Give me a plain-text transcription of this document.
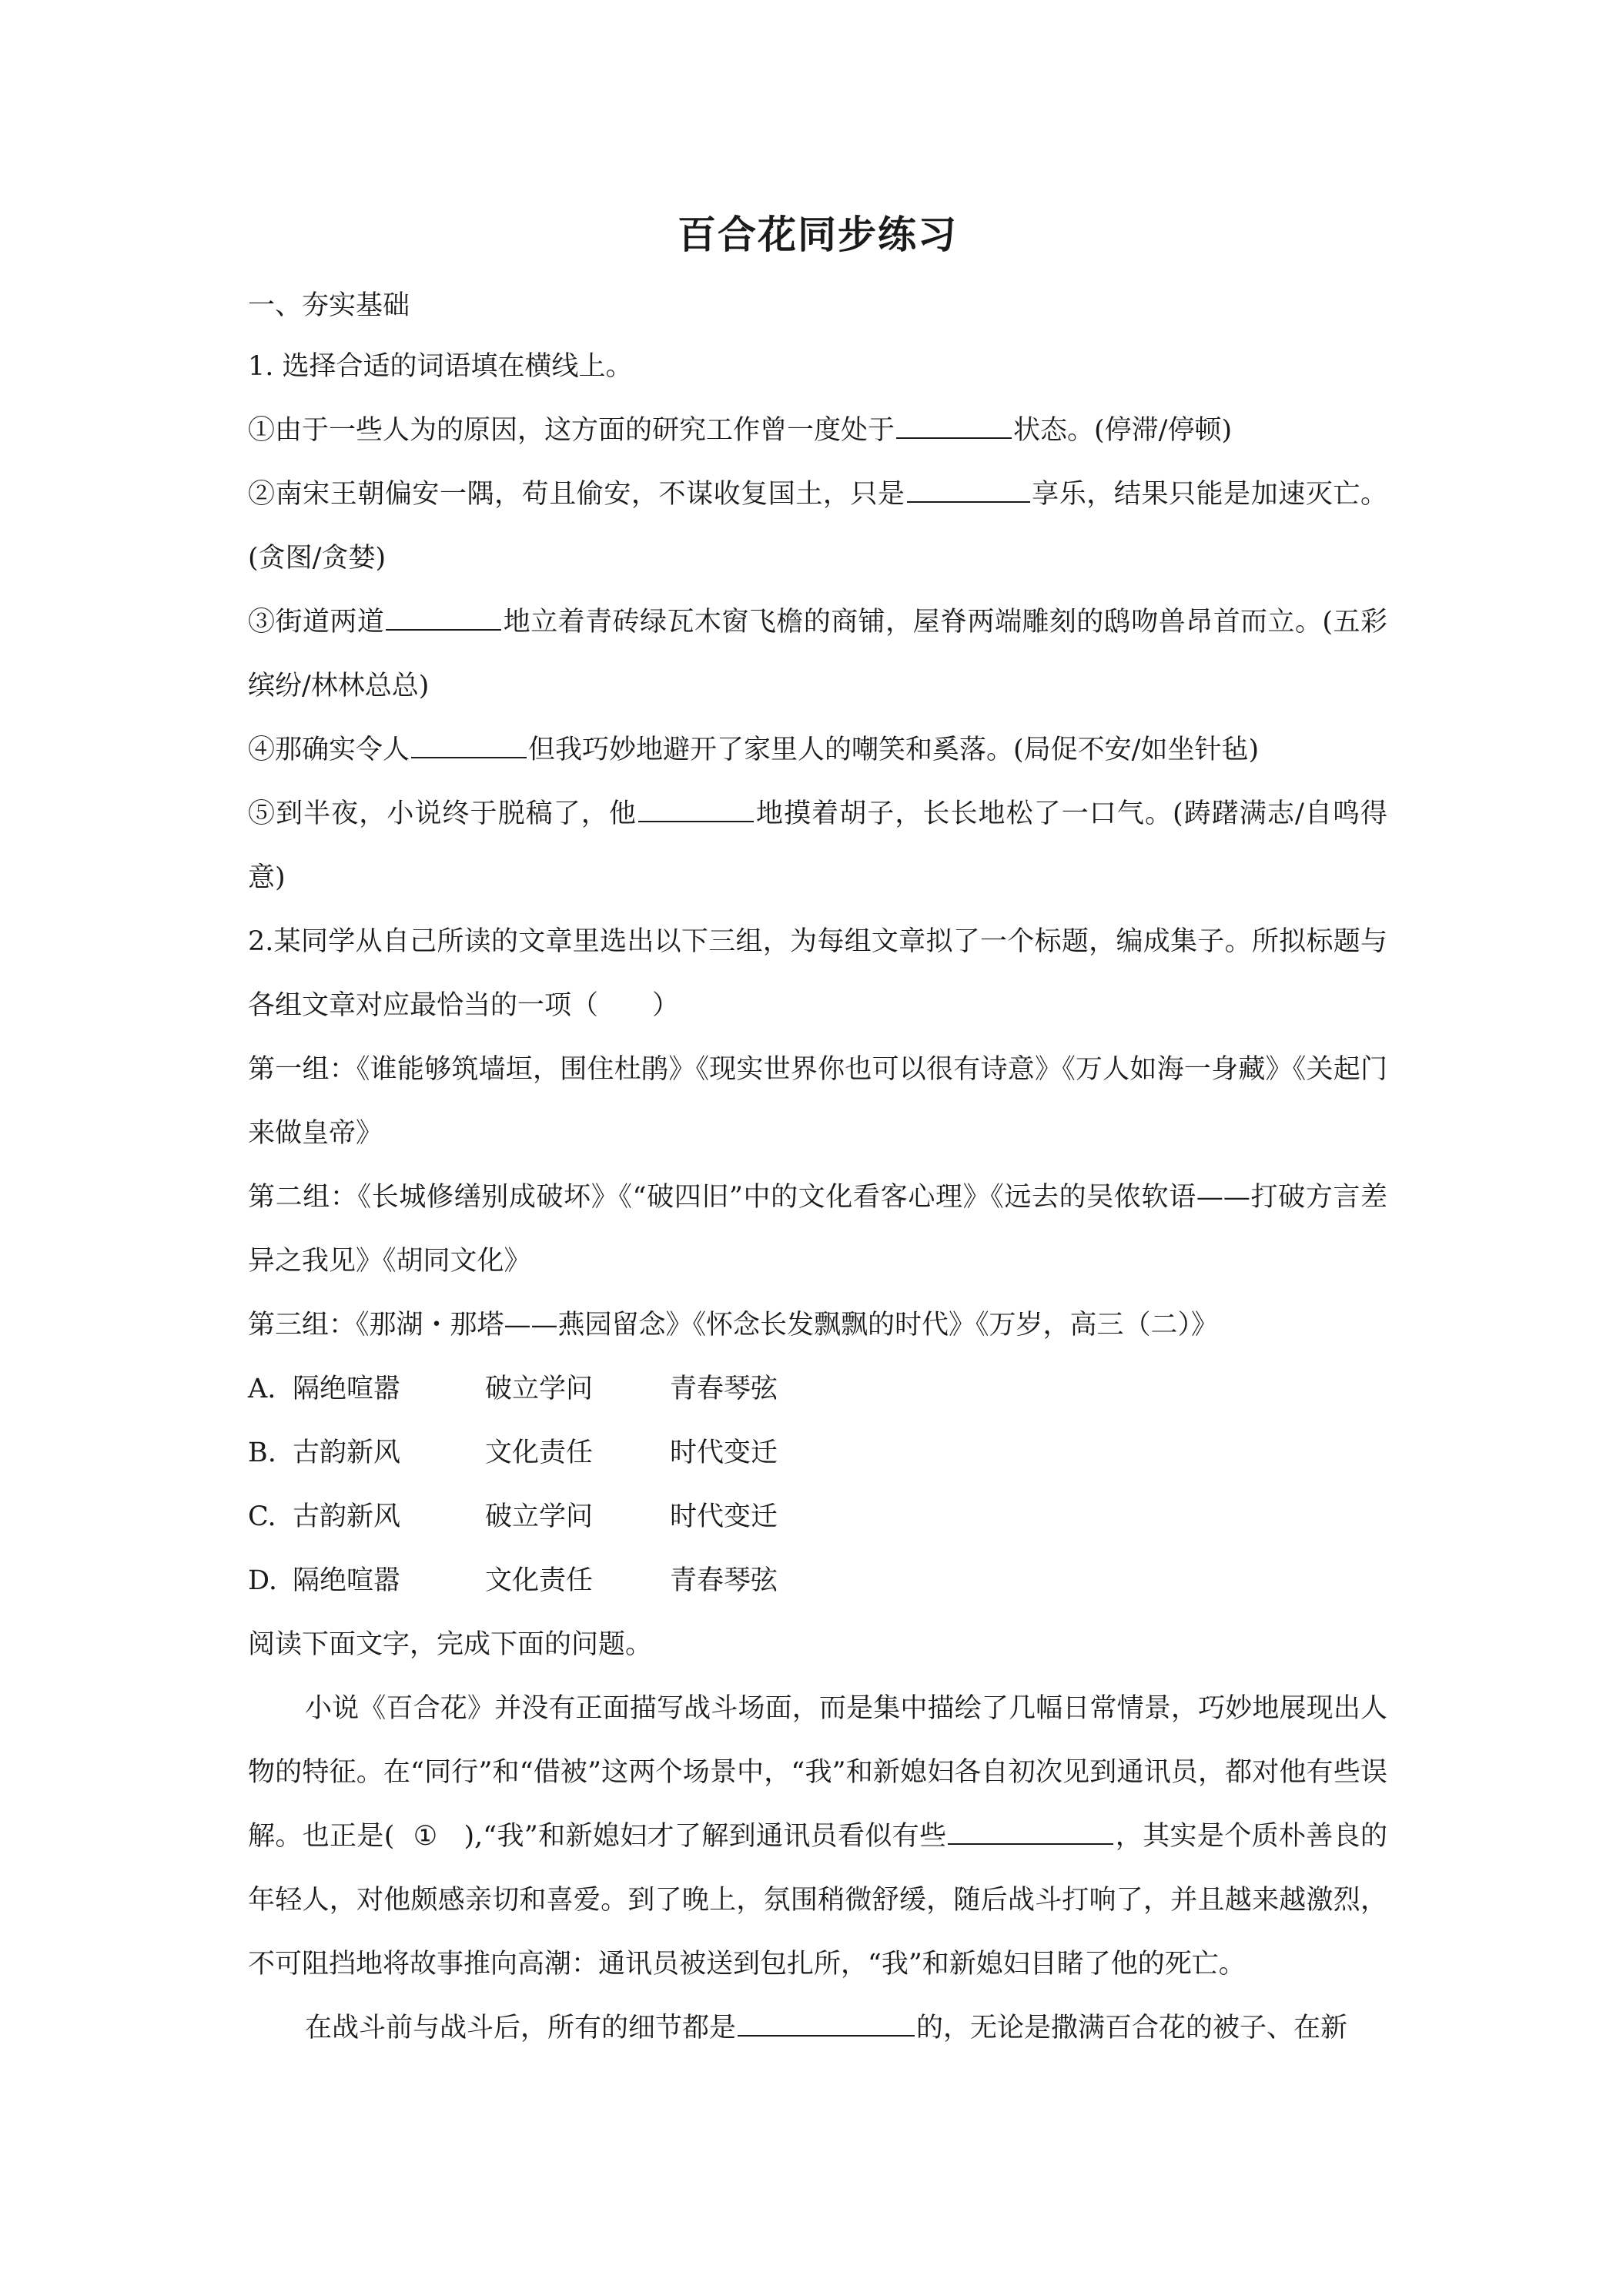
百合花同步练习

一、夯实基础

1. 选择合适的词语填在横线上。

①由于一些人为的原因，这方面的研究工作曾一度处于	状态。(停滞/停顿)

②南宋王朝偏安一隅，苟且偷安，不谋收复国土，只是	享乐，结果只能是加速灭亡。(贪图/贪婪)

③街道两道	地立着青砖绿瓦木窗飞檐的商铺，屋脊两端雕刻的鸱吻兽昂首而立。(五彩缤纷/林林总总)

④那确实令人	但我巧妙地避开了家里人的嘲笑和奚落。(局促不安/如坐针毡)

⑤到半夜，小说终于脱稿了，他	地摸着胡子，长长地松了一口气。(踌躇满志/自鸣得意)

2.某同学从自己所读的文章里选出以下三组，为每组文章拟了一个标题，编成集子。所拟标题与各组文章对应最恰当的一项（ ）

第一组：《谁能够筑墙垣，围住杜鹃》《现实世界你也可以很有诗意》《万人如海一身藏》《关起门来做皇帝》

第二组：《长城修缮别成破坏》《“破四旧”中的文化看客心理》《远去的吴侬软语——打破方言差异之我见》《胡同文化》

第三组：《那湖・那塔——燕园留念》《怀念长发飘飘的时代》《万岁，高三（二）》

A. 隔绝喧嚣	破立学问	青春琴弦

B. 古韵新风	文化责任	时代变迁

C. 古韵新风	破立学问	时代变迁

D. 隔绝喧嚣	文化责任	青春琴弦

阅读下面文字，完成下面的问题。

小说《百合花》并没有正面描写战斗场面，而是集中描绘了几幅日常情景，巧妙地展现出人物的特征。在“同行”和“借被”这两个场景中，“我”和新媳妇各自初次见到通讯员，都对他有些误解。也正是( ① ),“我”和新媳妇才了解到通讯员看似有些	，其实是个质朴善良的年轻人，对他颇感亲切和喜爱。到了晚上，氛围稍微舒缓，随后战斗打响了，并且越来越激烈，不可阻挡地将故事推向高潮：通讯员被送到包扎所，“我”和新媳妇目睹了他的死亡。

在战斗前与战斗后，所有的细节都是	的，无论是撒满百合花的被子、在新
